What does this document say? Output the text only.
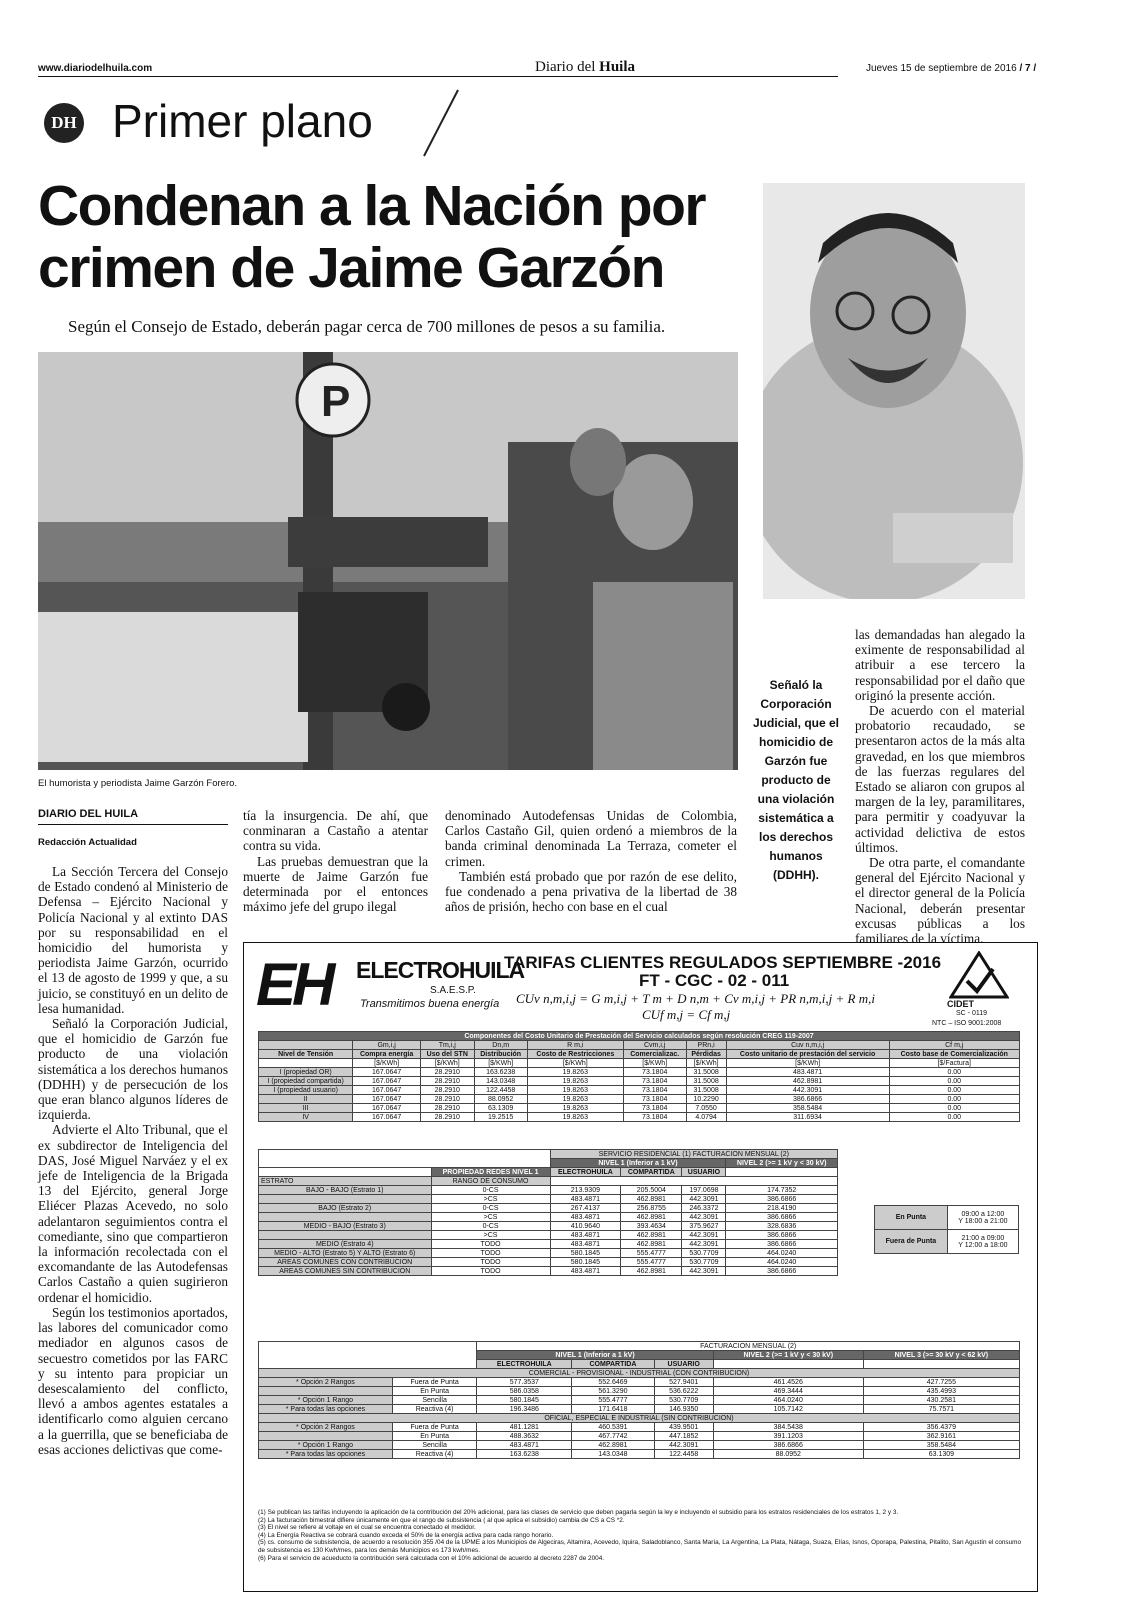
www.diariodelhuila.com	Diario del Huila	Jueves 15 de septiembre de 2016 / 7 /
DH Primer plano
Condenan a la Nación por
crimen de Jaime Garzón
Según el Consejo de Estado, deberán pagar cerca de 700 millones de pesos a su familia.
P
El humorista y periodista Jaime Garzón Forero.
DIARIO DEL HUILA
Redacción Actualidad

La Sección Tercera del Consejo de Estado condenó al Ministerio de Defensa – Ejército Nacional y Policía Nacional y al extinto DAS por su responsabilidad en el homicidio del humorista y periodista Jaime Garzón, ocurrido el 13 de agosto de 1999 y que, a su juicio, se constituyó en un delito de lesa humanidad.

Señaló la Corporación Judicial, que el homicidio de Garzón fue producto de una violación sistemática a los derechos humanos (DDHH) y de persecución de los que eran blanco algunos líderes de izquierda.

Advierte el Alto Tribunal, que el ex subdirector de Inteligencia del DAS, José Miguel Narváez y el ex jefe de Inteligencia de la Brigada 13 del Ejército, general Jorge Eliécer Plazas Acevedo, no solo adelantaron seguimientos contra el comediante, sino que compartieron la información recolectada con el excomandante de las Autodefensas Carlos Castaño a quien sugirieron ordenar el homicidio.

Según los testimonios aportados, las labores del comunicador como mediador en algunos casos de secuestro cometidos por las FARC y su intento para propiciar un desescalamiento del conflicto, llevó a ambos agentes estatales a identificarlo como alguien cercano a la guerrilla, que se beneficiaba de esas acciones delictivas que come-

tía la insurgencia. De ahí, que conminaran a Castaño a atentar contra su vida.

Las pruebas demuestran que la muerte de Jaime Garzón fue determinada por el entonces máximo jefe del grupo ilegal

denominado Autodefensas Unidas de Colombia, Carlos Castaño Gil, quien ordenó a miembros de la banda criminal denominada La Terraza, cometer el crimen.

También está probado que por razón de ese delito, fue condenado a pena privativa de la libertad de 38 años de prisión, hecho con base en el cual

Señaló la Corporación Judicial, que el homicidio de Garzón fue producto de una violación sistemática a los derechos humanos (DDHH).

las demandadas han alegado la eximente de responsabilidad al atribuir a ese tercero la responsabilidad por el daño que originó la presente acción.

De acuerdo con el material probatorio recaudado, se presentaron actos de la más alta gravedad, en los que miembros de las fuerzas regulares del Estado se aliaron con grupos al margen de la ley, paramilitares, para permitir y coadyuvar la actividad delictiva de estos últimos.

De otra parte, el comandante general del Ejército Nacional y el director general de la Policía Nacional, deberán presentar excusas públicas a los familiares de la víctima.

EH ELECTROHUILA
S.A.E.S.P.
Transmitimos buena energía
TARIFAS CLIENTES REGULADOS SEPTIEMBRE -2016
FT - CGC - 02 - 011
CUv n,m,i,j = G m,i,j + T m + D n,m + Cv m,i,j + PR n,m,i,j + R m,i
CUf m,j = Cf m,j
CIDET
SC - 0119
NTC – ISO 9001:2008
Componentes del Costo Unitario de Prestación del Servicio calculados según resolución CREG 119-2007								
	Gm,i,j	Tm,i,j	Dn,m	R m,i	Cvm,i,j	PRn,i	Cuv n,m,i,j	Cf m,j
Nivel de Tensión	Compra energía	Uso del STN	Distribución	Costo de Restricciones	Comercializac.	Pérdidas	Costo unitario de prestación del servicio	Costo base de Comercialización
	[$/KWh]	[$/KWh]	[$/KWh]	[$/KWh]	[$/KWh]	[$/KWh]	[$/KWh]	[$/Factura]
I (propiedad OR)	167.0647	28.2910	163.6238	19.8263	73.1804	31.5008	483.4871	0.00
I (propiedad compartida)	167.0647	28.2910	143.0348	19.8263	73.1804	31.5008	462.8981	0.00
I (propiedad usuario)	167.0647	28.2910	122.4458	19.8263	73.1804	31.5008	442.3091	0.00
II	167.0647	28.2910	88.0952	19.8263	73.1804	10.2290	386.6866	0.00
III	167.0647	28.2910	63.1309	19.8263	73.1804	7.0550	358.5484	0.00
IV	167.0647	28.2910	19.2515	19.8263	73.1804	4.0794	311.6934	0.00
		SERVICIO RESIDENCIAL (1) FACTURACION MENSUAL (2)			
		NIVEL 1 (Inferior a 1 kV)			NIVEL 2 (>= 1 kV y < 30 kV)
	PROPIEDAD REDES NIVEL 1	ELECTROHUILA	COMPARTIDA	USUARIO	
ESTRATO	RANGO DE CONSUMO				
BAJO - BAJO (Estrato 1)	0-CS	213.9309	205.5004	197.0698	174.7352
	>CS	483.4871	462.8981	442.3091	386.6866
BAJO (Estrato 2)	0-CS	267.4137	256.8755	246.3372	218.4190
	>CS	483.4871	462.8981	442.3091	386.6866
MEDIO - BAJO (Estrato 3)	0-CS	410.9640	393.4634	375.9627	328.6836
	>CS	483.4871	462.8981	442.3091	386.6866
MEDIO (Estrato 4)	TODO	483.4871	462.8981	442.3091	386.6866
MEDIO - ALTO (Estrato 5) Y ALTO (Estrato 6)	TODO	580.1845	555.4777	530.7709	464.0240
AREAS COMUNES CON CONTRIBUCION	TODO	580.1845	555.4777	530.7709	464.0240
AREAS COMUNES SIN CONTRIBUCION	TODO	483.4871	462.8981	442.3091	386.6866
En Punta	09:00 a 12:00
Y 18:00 a 21:00

Fuera de Punta	21:00 a 09:00
Y 12:00 a 18:00
		FACTURACION MENSUAL (2)				
		NIVEL 1 (Inferior a 1 kV)			NIVEL 2 (>= 1 kV y < 30 kV)	NIVEL 3 (>= 30 kV y < 62 kV)
		ELECTROHUILA	COMPARTIDA	USUARIO		
COMERCIAL - PROVISIONAL - INDUSTRIAL (CON CONTRIBUCION)						
* Opción 2 Rangos	Fuera de Punta	577.3537	552.6469	527.9401	461.4526	427.7255
	En Punta	586.0358	561.3290	536.6222	469.3444	435.4993
* Opción 1 Rango	Sencilla	580.1845	555.4777	530.7709	464.0240	430.2581
* Para todas las opciones	Reactiva (4)	196.3486	171.6418	146.9350	105.7142	75.7571
OFICIAL, ESPECIAL E INDUSTRIAL (SIN CONTRIBUCION)						
* Opción 2 Rangos	Fuera de Punta	481.1281	460.5391	439.9501	384.5438	356.4379
	En Punta	488.3632	467.7742	447.1852	391.1203	362.9161
* Opción 1 Rango	Sencilla	483.4871	462.8981	442.3091	386.6866	358.5484
* Para todas las opciones	Reactiva (4)	163.6238	143.0348	122.4458	88.0952	63.1309
(1) Se publican las tarifas incluyendo la aplicación de la contribución del 20% adicional, para las clases de servicio que deben pagarla según la ley e incluyendo el subsidio para los estratos residenciales de los estratos 1, 2 y 3.
(2) La facturación bimestral difiere únicamente en que el rango de subsistencia ( al que aplica el subsidio) cambia de CS a CS *2.
(3) El nivel se refiere al voltaje en el cual se encuentra conectado el medidor.
(4) La Energía Reactiva se cobrará cuando exceda el 50% de la energía activa para cada rango horario.
(5) cs. consumo de subsistencia, de acuerdo a resolución 355 /04 de la UPME a los Municipios de Algeciras, Altamira, Acevedo, Iquira, Saladoblanco, Santa María, La Argentina, La Plata, Nátaga, Suaza, Elías, Isnos, Oporapa, Palestina, Pitalito, San Agustín el consumo de subsistencia es 130 Kwh/mes, para los demás Municipios es 173 kwh/mes.
(6) Para el servicio de acueducto la contribución será calculada con el 10% adicional de acuerdo al decreto 2287 de 2004.
